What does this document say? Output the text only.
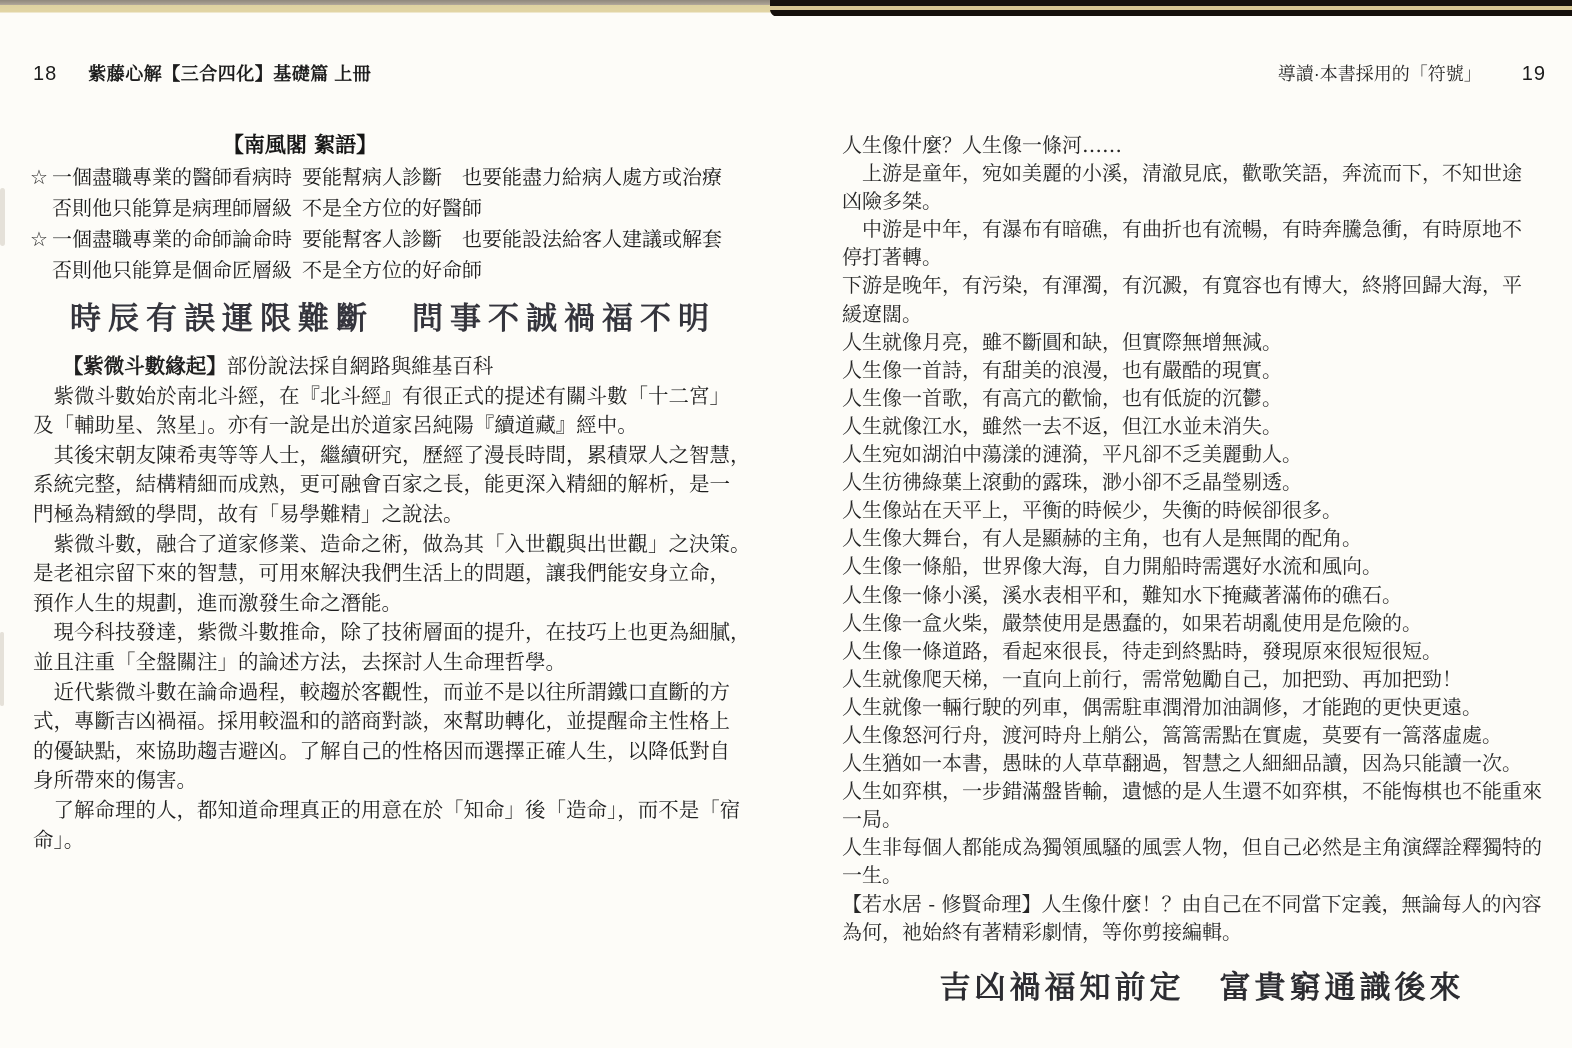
18 紫藤心解【三合四化】基礎篇 上冊
【南風閣 絮語】
☆ 一個盡職專業的醫師看病時 要能幫病人診斷　也要能盡力給病人處方或治療
否則他只能算是病理師層級 不是全方位的好醫師
☆ 一個盡職專業的命師論命時 要能幫客人診斷　也要能設法給客人建議或解套
否則他只能算是個命匠層級 不是全方位的好命師
時辰有誤運限難斷　問事不誠禍福不明
【紫微斗數緣起】部份說法採自網路與維基百科
　紫微斗數始於南北斗經，在『北斗經』有很正式的提述有關斗數「十二宮」
及「輔助星、煞星」。亦有一說是出於道家呂純陽『續道藏』經中。
　其後宋朝友陳希夷等等人士，繼續研究，歷經了漫長時間，累積眾人之智慧，
系統完整，結構精細而成熟，更可融會百家之長，能更深入精細的解析，是一
門極為精緻的學問，故有「易學難精」之說法。
　紫微斗數，融合了道家修業、造命之術，做為其「入世觀與出世觀」之決策。
是老祖宗留下來的智慧，可用來解決我們生活上的問題，讓我們能安身立命，
預作人生的規劃，進而激發生命之潛能。
　現今科技發達，紫微斗數推命，除了技術層面的提升，在技巧上也更為細膩，
並且注重「全盤關注」的論述方法，去探討人生命理哲學。
　近代紫微斗數在論命過程，較趨於客觀性，而並不是以往所謂鐵口直斷的方
式，專斷吉凶禍福。採用較溫和的諮商對談，來幫助轉化，並提醒命主性格上
的優缺點，來協助趨吉避凶。了解自己的性格因而選擇正確人生，以降低對自
身所帶來的傷害。
　了解命理的人，都知道命理真正的用意在於「知命」後「造命」，而不是「宿
命」。
導讀·本書採用的「符號」 19
人生像什麼？人生像一條河……
　上游是童年，宛如美麗的小溪，清澈見底，歡歌笑語，奔流而下，不知世途
凶險多桀。
　中游是中年，有瀑布有暗礁，有曲折也有流暢，有時奔騰急衝，有時原地不
停打著轉。
下游是晚年，有污染，有渾濁，有沉澱，有寬容也有博大，終將回歸大海，平
緩遼闊。
人生就像月亮，雖不斷圓和缺，但實際無增無減。
人生像一首詩，有甜美的浪漫，也有嚴酷的現實。
人生像一首歌，有高亢的歡愉，也有低旋的沉鬱。
人生就像江水，雖然一去不返，但江水並未消失。
人生宛如湖泊中蕩漾的漣漪，平凡卻不乏美麗動人。
人生彷彿綠葉上滾動的露珠，渺小卻不乏晶瑩剔透。
人生像站在天平上，平衡的時候少，失衡的時候卻很多。
人生像大舞台，有人是顯赫的主角，也有人是無聞的配角。
人生像一條船，世界像大海，自力開船時需選好水流和風向。
人生像一條小溪，溪水表相平和，難知水下掩藏著滿佈的礁石。
人生像一盒火柴，嚴禁使用是愚蠢的，如果若胡亂使用是危險的。
人生像一條道路，看起來很長，待走到終點時，發現原來很短很短。
人生就像爬天梯，一直向上前行，需常勉勵自己，加把勁、再加把勁！
人生就像一輛行駛的列車，偶需駐車潤滑加油調修，才能跑的更快更遠。
人生像怒河行舟，渡河時舟上艄公，篙篙需點在實處，莫要有一篙落虛處。
人生猶如一本書，愚昧的人草草翻過，智慧之人細細品讀，因為只能讀一次。
人生如弈棋，一步錯滿盤皆輸，遺憾的是人生還不如弈棋，不能悔棋也不能重來
一局。
人生非每個人都能成為獨領風騷的風雲人物，但自己必然是主角演繹詮釋獨特的
一生。
【若水居 - 修賢命理】人生像什麼！？由自己在不同當下定義，無論每人的內容
為何，祂始終有著精彩劇情，等你剪接編輯。
吉凶禍福知前定　富貴窮通識後來
